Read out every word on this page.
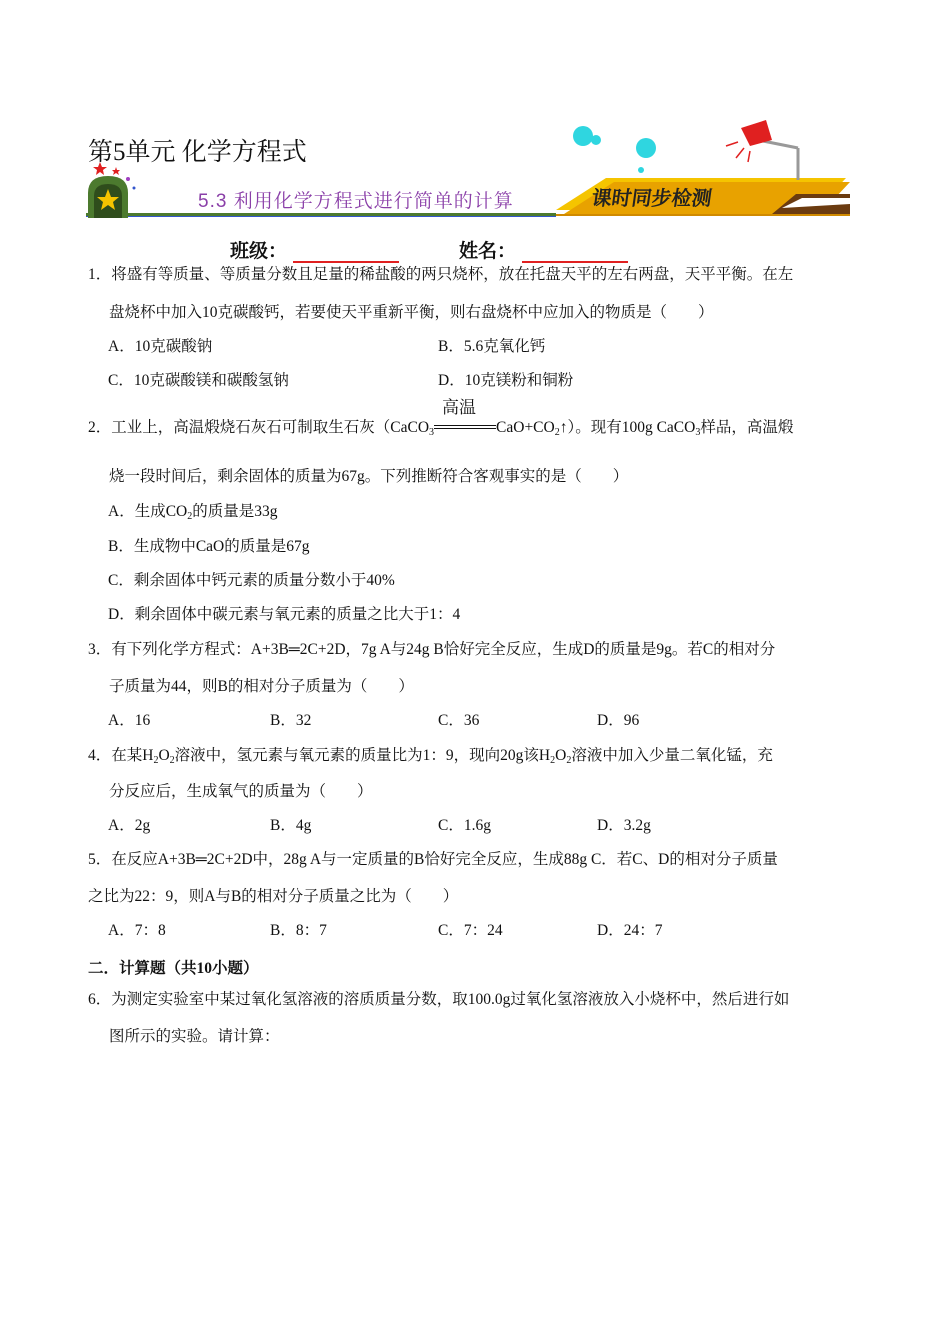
第5单元 化学方程式
5.3 利用化学方程式进行简单的计算	课时同步检测
班级：	姓名：

1．将盛有等质量、等质量分数且足量的稀盐酸的两只烧杯，放在托盘天平的左右两盘，天平平衡。在左

盘烧杯中加入10克碳酸钙，若要使天平重新平衡，则右盘烧杯中应加入的物质是（　　）

A．10克碳酸钠	B．5.6克氧化钙
C．10克碳酸镁和碳酸氢钠	D．10克镁粉和铜粉

2．工业上，高温煅烧石灰石可制取生石灰（CaCO$_3$
高温
$CaO+CO_2↑$）。现有100g CaCO$_3$样品，高温煅

烧一段时间后，剩余固体的质量为67g。下列推断符合客观事实的是（　　）

A．生成$CO_2$的质量是33g
B．生成物中CaO的质量是67g
C．剩余固体中钙元素的质量分数小于40%
D．剩余固体中碳元素与氧元素的质量之比大于1：4

3．有下列化学方程式：A+3B═2C+2D，7g A与24g B恰好完全反应，生成D的质量是9g。若C的相对分

子质量为44，则B的相对分子质量为（　　）

A．16	B．32	C．36	D．96

4．在某$H_2O_2$溶液中，氢元素与氧元素的质量比为1：9，现向20g该$H_2O_2$溶液中加入少量二氧化锰，充

分反应后，生成氧气的质量为（　　）

A．2g	B．4g	C．1.6g	D．3.2g

5．在反应A+3B═2C+2D中，28g A与一定质量的B恰好完全反应，生成88g C．若C、D的相对分子质量

之比为22：9，则A与B的相对分子质量之比为（　　）

A．7：8	B．8：7	C．7：24	D．24：7
二．计算题（共10小题）

6．为测定实验室中某过氧化氢溶液的溶质质量分数，取100.0g过氧化氢溶液放入小烧杯中，然后进行如

图所示的实验。请计算：
